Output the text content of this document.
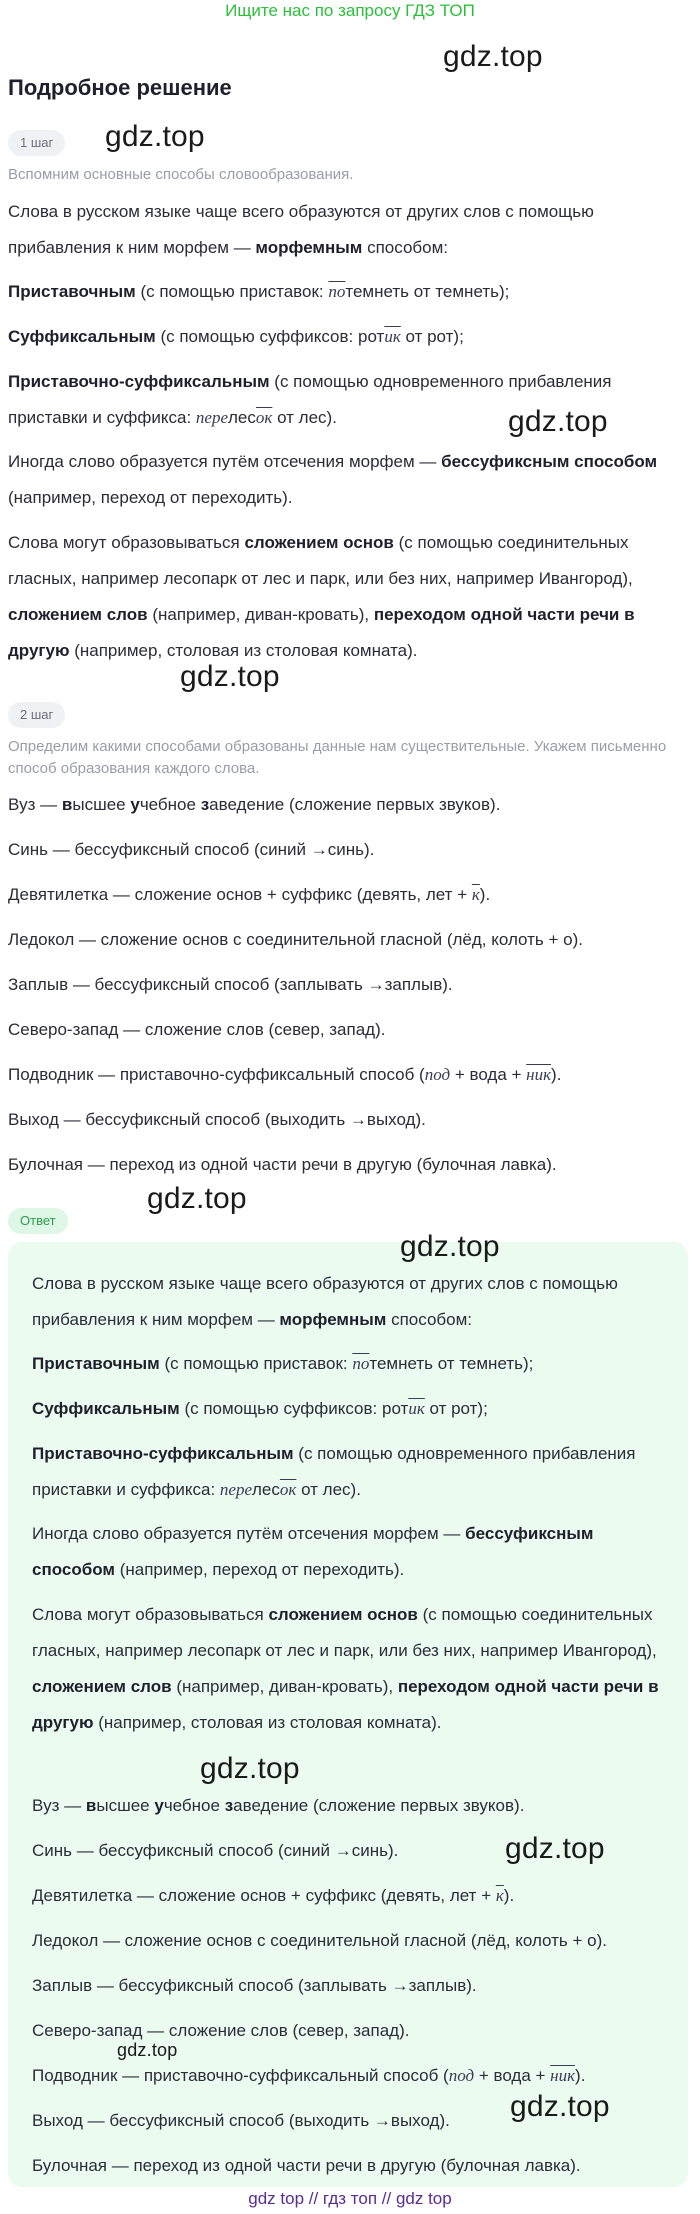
Ищите нас по запросу ГДЗ ТОП
gdz.top
gdz.top
gdz.top
gdz.top
gdz.top
gdz.top
gdz.top
gdz.top
gdz.top
gdz.top
Подробное решение
1 шаг
Вспомним основные способы словообразования.
Слова в русском языке чаще всего образуются от других слов с помощью прибавления к ним морфем — морфемным способом:
Приставочным (с помощью приставок: потемнеть от темнеть);
Суффиксальным (с помощью суффиксов: ротик от рот);
Приставочно-суффиксальным (с помощью одновременного прибавления приставки и суффикса: перелесок от лес).
Иногда слово образуется путём отсечения морфем — бессуфиксным способом (например, переход от переходить).
Слова могут образовываться сложением основ (с помощью соединительных гласных, например лесопарк от лес и парк, или без них, например Ивангород), сложением слов (например, диван-кровать), переходом одной части речи в другую (например, столовая из столовая комната).
2 шаг
Определим какими способами образованы данные нам существительные. Укажем письменно способ образования каждого слова.
Вуз — высшее учебное заведение (сложение первых звуков).
Синь — бессуфиксный способ (синий →синь).
Девятилетка — сложение основ + суффикс (девять, лет + к).
Ледокол — сложение основ с соединительной гласной (лёд, колоть + о).
Заплыв — бессуфиксный способ (заплывать →заплыв).
Северо-запад — сложение слов (север, запад).
Подводник — приставочно-суффиксальный способ (под + вода + ник).
Выход — бессуфиксный способ (выходить →выход).
Булочная — переход из одной части речи в другую (булочная лавка).
Ответ
Слова в русском языке чаще всего образуются от других слов с помощью прибавления к ним морфем — морфемным способом:
Приставочным (с помощью приставок: потемнеть от темнеть);
Суффиксальным (с помощью суффиксов: ротик от рот);
Приставочно-суффиксальным (с помощью одновременного прибавления приставки и суффикса: перелесок от лес).
Иногда слово образуется путём отсечения морфем — бессуфиксным способом (например, переход от переходить).
Слова могут образовываться сложением основ (с помощью соединительных гласных, например лесопарк от лес и парк, или без них, например Ивангород), сложением слов (например, диван-кровать), переходом одной части речи в другую (например, столовая из столовая комната).
Вуз — высшее учебное заведение (сложение первых звуков).
Синь — бессуфиксный способ (синий →синь).
Девятилетка — сложение основ + суффикс (девять, лет + к).
Ледокол — сложение основ с соединительной гласной (лёд, колоть + о).
Заплыв — бессуфиксный способ (заплывать →заплыв).
Северо-запад — сложение слов (север, запад).
Подводник — приставочно-суффиксальный способ (под + вода + ник).
Выход — бессуфиксный способ (выходить →выход).
Булочная — переход из одной части речи в другую (булочная лавка).
gdz top // гдз топ // gdz top
